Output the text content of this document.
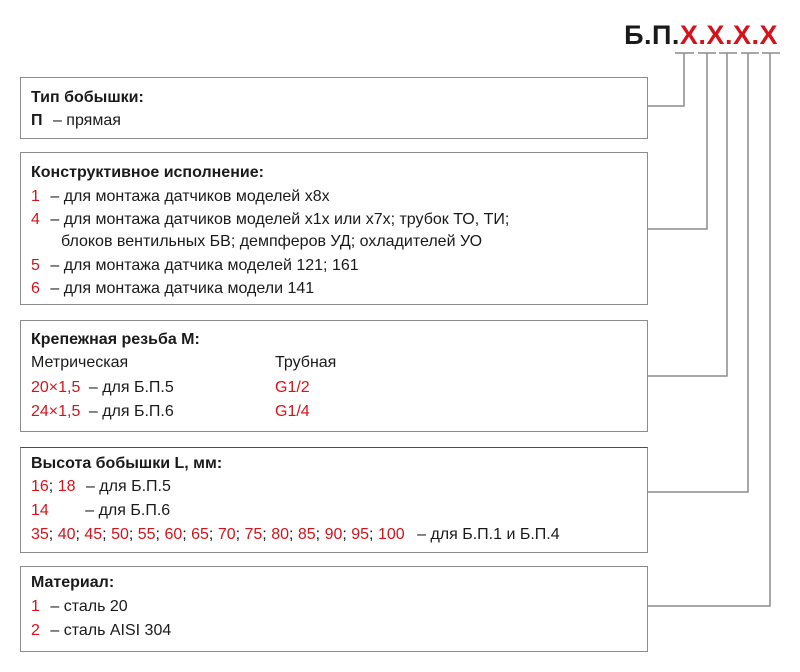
Б.П.X.X.X.X
Тип бобышки:
П – прямая
Конструктивное исполнение:
1 – для монтажа датчиков моделей х8х
4 – для монтажа датчиков моделей х1х или х7х; трубок ТО, ТИ;
блоков вентильных БВ; демпферов УД; охладителей УО
5 – для монтажа датчика моделей 121; 161
6 – для монтажа датчика модели 141
Крепежная резьба М:
Метрическая	Трубная
20×1,5 – для Б.П.5	G1/2
24×1,5 – для Б.П.6	G1/4
Высота бобышки L, мм:
16; 18 – для Б.П.5
14 – для Б.П.6
35; 40; 45; 50; 55; 60; 65; 70; 75; 80; 85; 90; 95; 100 – для Б.П.1 и Б.П.4
Материал:
1 – сталь 20
2 – сталь AISI 304
